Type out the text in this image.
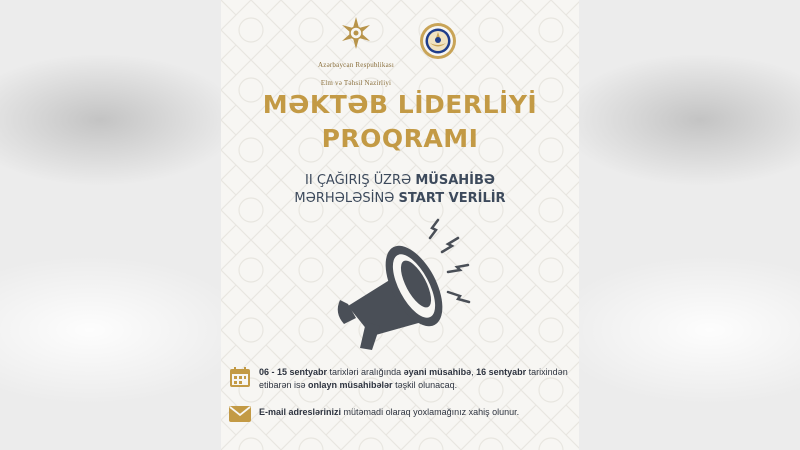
Azərbaycan Respublikası

Elm və Təhsil Nazirliyi

MƏKTƏB LİDERLİYİ
PROQRAMI
II ÇAĞIRIŞ ÜZRƏ MÜSAHİBƏ
MƏRHƏLƏSİNƏ START VERİLİR
06 - 15 sentyabr tarixləri aralığında əyani müsahibə, 16 sentyabr tarixindən etibarən isə onlayn müsahibələr təşkil olunacaq.
E-mail adreslərinizi mütəmadi olaraq yoxlamağınız xahiş olunur.
